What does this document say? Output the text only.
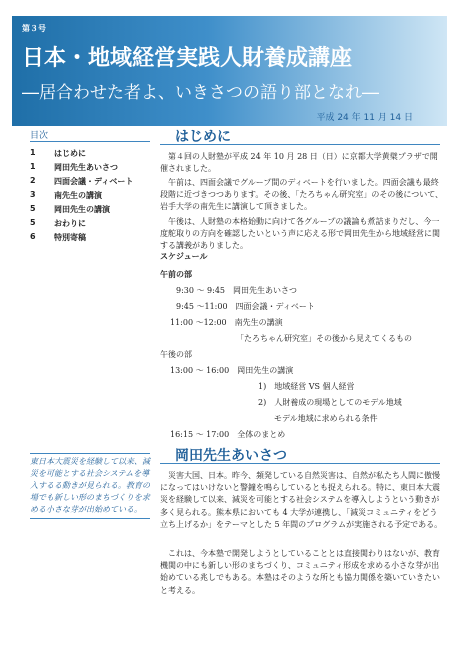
第３号
日本・地域経営実践人財養成講座
―居合わせた者よ、いきさつの語り部となれ―
平成 24 年 11 月 14 日
目次
1	はじめに
1	岡田先生あいさつ
2	四面会議・ディベート
3	南先生の講演
5	岡田先生の講演
5	おわりに
6	特別寄稿
東日本大震災を経験して以来、減災を可能とする社会システムを導入するる動きが見られる。教育の場でも新しい形のまちづくりを求める小さな芽が出始めている。
はじめに

第４回の人財塾が平成 24 年 10 月 28 日（日）に京都大学黄檗プラザで開催されました。

午前は、四面会議でグループ間のディベートを行いました。四面会議も最終段階に近づきつつあります。その後、「たろちゃん研究室」のその後について、岩手大学の南先生に講演して頂きました。

午後は、人財塾の本格始動に向けて各グループの議論も煮詰まりだし、今一度舵取りの方向を確認したいという声に応える形で岡田先生から地域経営に関する講義がありました。

スケジュール
午前の部
9:30 〜 9:45　岡田先生あいさつ
9:45 〜11:00　四面会議・ディベート
11:00 〜12:00　南先生の講演
「たろちゃん研究室」その後から見えてくるもの
午後の部
13:00 〜 16:00　岡田先生の講演
1)　地域経営 VS 個人経営
2)　人財養成の現場としてのモデル地域
モデル地域に求められる条件
16:15 〜 17:00　全体のまとめ
岡田先生あいさつ

災害大国、日本。昨今、頻発している自然災害は、自然が私たち人間に傲慢になってはいけないと警鐘を鳴らしているとも捉えられる。特に、東日本大震災を経験して以来、減災を可能とする社会システムを導入しようという動きが多く見られる。熊本県においても 4 大学が連携し、「減災コミュニティをどう立ち上げるか」をテーマとした 5 年間のプログラムが実施される予定である。

これは、今本塾で開発しようとしていることとは直接関わりはないが、教育機関の中にも新しい形のまちづくり、コミュニティ形成を求める小さな芽が出始めている兆しでもある。本塾はそのような所とも協力関係を築いていきたいと考える。
